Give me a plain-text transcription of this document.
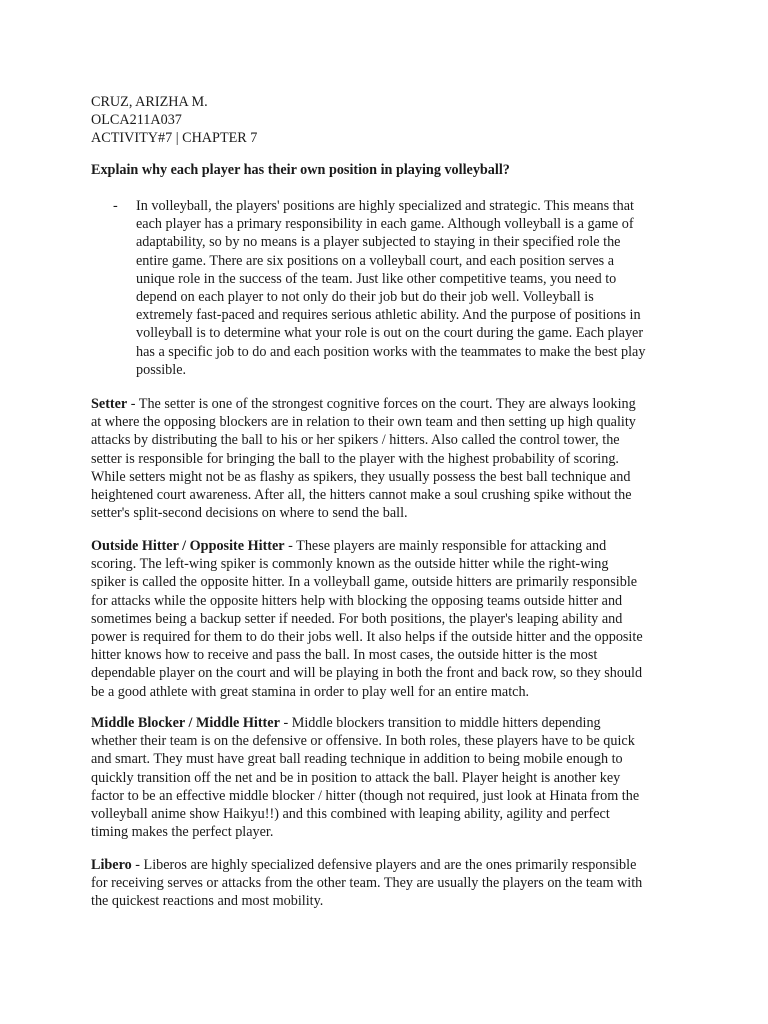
CRUZ, ARIZHA M.
OLCA211A037
ACTIVITY#7 | CHAPTER 7
Explain why each player has their own position in playing volleyball?
- In volleyball, the players' positions are highly specialized and strategic. This means that
each player has a primary responsibility in each game. Although volleyball is a game of
adaptability, so by no means is a player subjected to staying in their specified role the
entire game. There are six positions on a volleyball court, and each position serves a
unique role in the success of the team. Just like other competitive teams, you need to
depend on each player to not only do their job but do their job well. Volleyball is
extremely fast-paced and requires serious athletic ability. And the purpose of positions in
volleyball is to determine what your role is out on the court during the game. Each player
has a specific job to do and each position works with the teammates to make the best play
possible.

Setter - The setter is one of the strongest cognitive forces on the court. They are always looking
at where the opposing blockers are in relation to their own team and then setting up high quality
attacks by distributing the ball to his or her spikers / hitters. Also called the control tower, the
setter is responsible for bringing the ball to the player with the highest probability of scoring.
While setters might not be as flashy as spikers, they usually possess the best ball technique and
heightened court awareness. After all, the hitters cannot make a soul crushing spike without the
setter's split-second decisions on where to send the ball.

Outside Hitter / Opposite Hitter - These players are mainly responsible for attacking and
scoring. The left-wing spiker is commonly known as the outside hitter while the right-wing
spiker is called the opposite hitter. In a volleyball game, outside hitters are primarily responsible
for attacks while the opposite hitters help with blocking the opposing teams outside hitter and
sometimes being a backup setter if needed. For both positions, the player's leaping ability and
power is required for them to do their jobs well. It also helps if the outside hitter and the opposite
hitter knows how to receive and pass the ball. In most cases, the outside hitter is the most
dependable player on the court and will be playing in both the front and back row, so they should
be a good athlete with great stamina in order to play well for an entire match.

Middle Blocker / Middle Hitter - Middle blockers transition to middle hitters depending
whether their team is on the defensive or offensive. In both roles, these players have to be quick
and smart. They must have great ball reading technique in addition to being mobile enough to
quickly transition off the net and be in position to attack the ball. Player height is another key
factor to be an effective middle blocker / hitter (though not required, just look at Hinata from the
volleyball anime show Haikyu!!) and this combined with leaping ability, agility and perfect
timing makes the perfect player.

Libero - Liberos are highly specialized defensive players and are the ones primarily responsible
for receiving serves or attacks from the other team. They are usually the players on the team with
the quickest reactions and most mobility.
